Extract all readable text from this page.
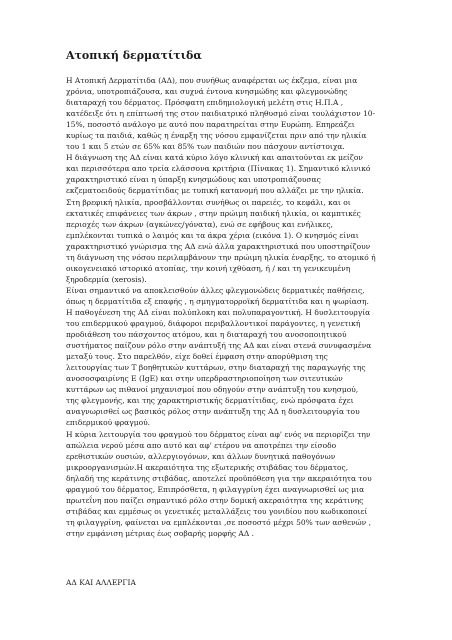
Ατοπική δερματίτιδα
Η Ατοπική Δερματίτιδα (ΑΔ), που συνήθως αναφέρεται ως έκζεμα, είναι μια
χρόνια, υποτροπιάζουσα, και συχνά έντονα κνησμώδης και φλεγμονώδης
διαταραχή του δέρματος. Πρόσφατη επιδημιολογική μελέτη στις Η.Π.Α ,
κατέδειξε ότι η επίπτωσή της στον παιδιατρικό πληθυσμό είναι τουλάχιστον 10-
15%, ποσοστό ανάλογο με αυτό που παρατηρείται στην Ευρώπη. Επηρεάζει
κυρίως τα παιδιά, καθώς η έναρξη της νόσου εμφανίζεται πριν από την ηλικία
του 1 και 5 ετών σε 65% και 85% των παιδιών που πάσχουν αντίστοιχα.
Η διάγνωση της ΑΔ είναι κατά κύριο λόγο κλινική και απαιτούνται εκ μείζον
και περισσότερα απο τρεία ελάσσονα κριτήρια (Πίνακας 1). Σημαντικό κλινικό
χαρακτηριστικό είναι η ύπαρξη κνησμώδους και υποτροπιάζουσας
εκζεματοειδούς δερματίτιδας με τυπική κατανομή που αλλάζει με την ηλικία.
Στη βρεφική ηλικία, προσβάλλονται συνήθως οι παρειές, το κεφάλι, και οι
εκτατικές επιφάνειες των άκρων , στην πρώιμη παιδική ηλικία, οι καμπτικές
περιοχές των άκρων (αγκώνες/γόνατα), ενώ σε εφήβους και ενήλικες,
εμπλέκονται τυπικά ο λαιμός και τα άκρα χέρια (εικόνα 1). Ο κνησμός είναι
χαρακτηριστικό γνώρισμα της ΑΔ ενώ άλλα χαρακτηριστικά που υποστηρίζουν
τη διάγνωση της νόσου περιλαμβάνουν την πρώιμη ηλικία έναρξης, το ατομικό ή
οικογενειακό ιστορικό ατοπίας, την κοινή ιχθύαση, ή / και τη γενικευμένη
ξηροδερμία (xerosis).
Είναι σημαντικό να αποκλεισθούν άλλες φλεγμονώδεις δερματικές παθήσεις,
όπως η δερματίτιδα εξ επαφής , η σμηγματορροϊκή δερματίτιδα και η ψωρίαση.
Η παθογένεση της ΑΔ είναι πολύπλοκη και πολυπαραγοντική. Η δυσλειτουργία
του επιδερμικού φραγμού, διάφοροι περιβαλλοντικοί παράγοντες, η γενετική
προδιάθεση του πάσχοντος ατόμου, και η διαταραχή του ανοσοποιητικού
συστήματος παίζουν ρόλο στην ανάπτυξή της ΑΔ και είναι στενά συνυφασμένα
μεταξύ τους. Στο παρελθόν, είχε δοθεί έμφαση στην απορύθμιση της
λειτουργίας των Τ βοηθητικών κυττάρων, στην διαταραχή της παραγωγής της
ανοσοσφαιρίνης Ε (IgE) και στην υπερδραστηριοποίηση των σιτευτικών
κυττάρων ως πιθανοί μηχανισμοί που οδηγούν στην ανάπτυξη του κνησμού,
της φλεγμονής, και της χαρακτηριστικής δερματίτιδας, ενώ πρόσφατα έχει
αναγνωρισθεί ως βασικός ρόλος στην ανάπτυξη της ΑΔ η δυσλειτουργία του
επιδερμικού φραγμού.
Η κύρια λειτουργία του φραγμού του δέρματος είναι αφ' ενός να περιορίζει την
απώλεια νερού μέσα απο αυτό και αφ' ετέρου να αποτρέπει την είσοδο
ερεθιστικών ουσιών, αλλεργιογόνων, και άλλων δυνητικά παθογόνων
μικροοργανισμών.Η ακεραιότητα της εξωτερικής στιβάδας του δέρματος,
δηλαδή της κεράτινης στιβάδας, αποτελεί προϋπόθεση για την ακεραιότητα του
φραγμού του δέρματος, Επιπρόσθετα, η φιλαγγρίνη έχει αναγνωρισθεί ως μια
πρωτεΐνη που παίζει σημαντικό ρόλο στην δομική ακεραιότητα της κεράτινης
στιβάδας και εμμέσως οι γενετικές μεταλλάξεις του γονιδίου που κωδικοποιεί
τη φιλαγγρίνη, φαίνεται να εμπλέκονται ,σε ποσοστό μέχρι 50% των ασθενών ,
στην εμφάνιση μέτριας έως σοβαρής μορφής ΑΔ .
ΑΔ ΚΑΙ ΑΛΛΕΡΓΙΑ
